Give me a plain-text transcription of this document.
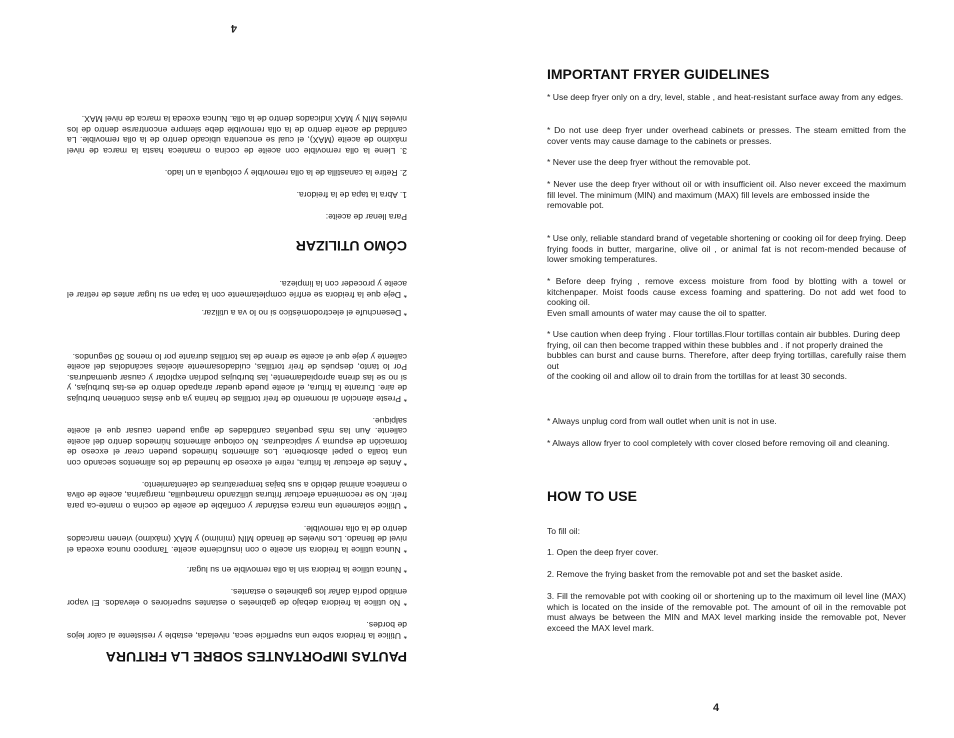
PAUTAS IMPORTANTES SOBRE LA FRITURA

* Utilice la freidora sobre una superficie seca, nivelada, estable y resistente al calor lejos de bordes.

* No utilice la freidora debajo de gabinetes o estantes superiores o elevados. El vapor emitido podría dañar los gabinetes o estantes.

* Nunca utilice la freidora sin la olla removible en su lugar.

* Nunca utilice la freidora sin aceite o con insuficiente aceite. Tampoco nunca exceda el nivel de llenado. Los niveles de llenado MIN (mínimo) y MAX (máximo) vienen marcados dentro de la olla removible.

* Utilice solamente una marca estándar y confiable de aceite de cocina o mante-ca para freír. No se recomienda efectuar frituras utilizando mantequilla, margarina, aceite de oliva o manteca animal debido a sus bajas temperaturas de calentamiento.

* Antes de efectuar la fritura, retire el exceso de humedad de los alimentos secando con una toalla o papel absorbente. Los alimentos húmedos pueden crear el exceso de formación de espuma y salpicaduras. No coloque alimentos húmedos dentro del aceite caliente. Aun las más pequeñas cantidades de agua pueden causar que el aceite salpique.

* Preste atención al momento de freír tortillas de harina ya que éstas contienen burbujas de aire. Durante la fritura, el aceite puede quedar atrapado dentro de es-tas burbujas, y si no se las drena apropiadamente, las burbujas podrían explotar y causar quemaduras. Por lo tanto, después de freír tortillas, cuidadosamente alcelas sacándolas del aceite caliente y deje que el aceite se drene de las tortillas durante por lo menos 30 segundos.

* Desenchufe el electrodoméstico si no lo va a utilizar.

* Deje que la freidora se enfríe completamente con la tapa en su lugar antes de retirar el aceite y proceder con la limpieza.

CÓMO UTILIZAR

Para llenar de aceite:

1. Abra la tapa de la freidora.

2. Retire la canastilla de la olla removible y colóquela a un lado.

3. Llene la olla removible con aceite de cocina o manteca hasta la marca de nivel máximo de aceite (MAX), el cual se encuentra ubicado dentro de la olla removible. La cantidad de aceite dentro de la olla removible debe siempre encontrarse dentro de los niveles MIN y MAX indicados dentro de la olla. Nunca exceda la marca de nivel MAX.

4
IMPORTANT FRYER GUIDELINES

* Use deep fryer only on a dry, level, stable , and heat-resistant surface away from any edges.

* Do not use deep fryer under overhead cabinets or presses. The steam emitted from the cover vents may cause damage to the cabinets or presses.

* Never use the deep fryer without the removable pot.

* Never use the deep fryer without oil or with insufficient oil. Also never exceed the maximum fill level. The minimum (MIN) and maximum (MAX) fill levels are embossed inside the
removable pot.

* Use only, reliable standard brand of vegetable shortening or cooking oil for deep frying. Deep frying foods in butter, margarine, olive oil , or animal fat is not recom-mended because of lower smoking temperatures.

* Before deep frying , remove excess moisture from food by blotting with a towel or kitchenpaper. Moist foods cause excess foaming and spattering. Do not add wet food to cooking oil.
Even small amounts of water may cause the oil to spatter.

* Use caution when deep frying . Flour tortillas.Flour tortillas contain air bubbles. During deep
frying, oil can then become trapped within these bubbles and . if not properly drained the
bubbles can burst and cause burns. Therefore, after deep frying tortillas, carefully raise them out
of the cooking oil and allow oil to drain from the tortillas for at least 30 seconds.

* Always unplug cord from wall outlet when unit is not in use.

* Always allow fryer to cool completely with cover closed before removing oil and cleaning.

HOW TO USE

To fill oil:

1. Open the deep fryer cover.

2. Remove the frying basket from the removable pot and set the basket aside.

3. Fill the removable pot with cooking oil or shortening up to the maximum oil level line (MAX) which is located on the inside of the removable pot. The amount of oil in the removable pot must always be between the MIN and MAX level marking inside the removable pot, Never exceed the MAX level mark.

4
